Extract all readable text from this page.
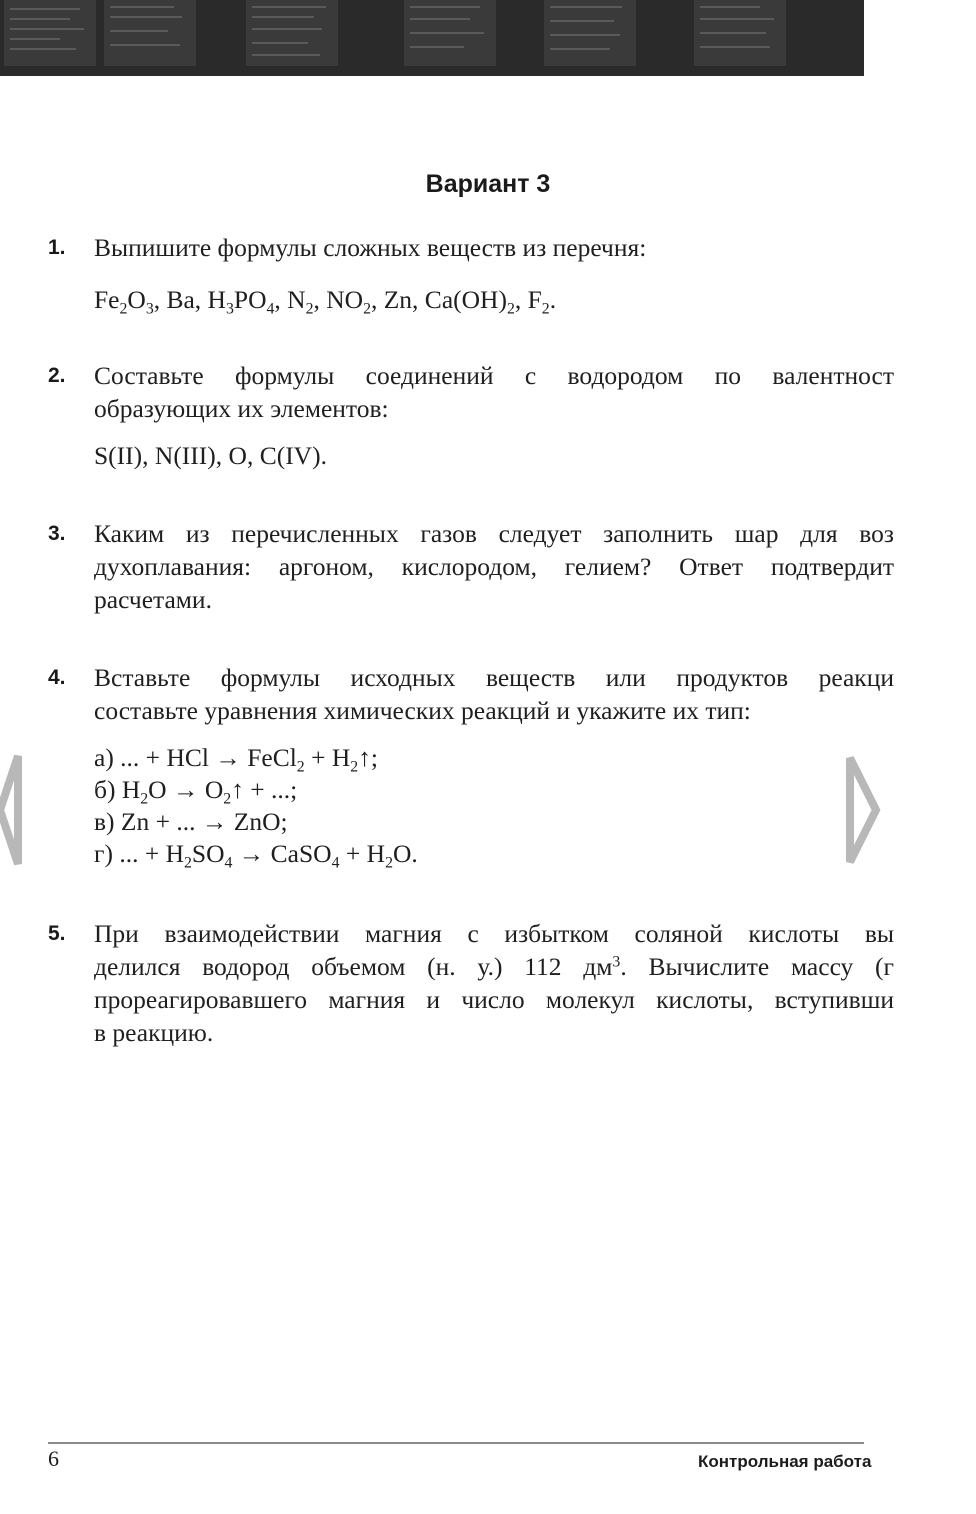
Вариант 3
1. Выпишите формулы сложных веществ из перечня:
$Fe_2O_3$, Ba, $H_3PO_4$, $N_2$, $NO_2$, Zn, $Ca(OH)_2$, $F_2$.
2. Составьте формулы соединений с водородом по валентност
образующих их элементов:
S(II), N(III), O, C(IV).
3. Каким из перечисленных газов следует заполнить шар для воз
духоплавания: аргоном, кислородом, гелием? Ответ подтвердит
расчетами.
4. Вставьте формулы исходных веществ или продуктов реакци
составьте уравнения химических реакций и укажите их тип:
а) ... + HCl → FeCl$_2$ + $H_2↑$;
б) $H_2O$ → $O_2↑$ + ...;
в) Zn + ... → ZnO;
г) ... + $H_2SO_4$ → CaSO$_4$ + $H_2O$.
5. При взаимодействии магния с избытком соляной кислоты вы
делился водород объемом (н. у.) 112 $дм^3$. Вычислите массу (г
прореагировавшего магния и число молекул кислоты, вступивши
в реакцию.
6	Контрольная работа
